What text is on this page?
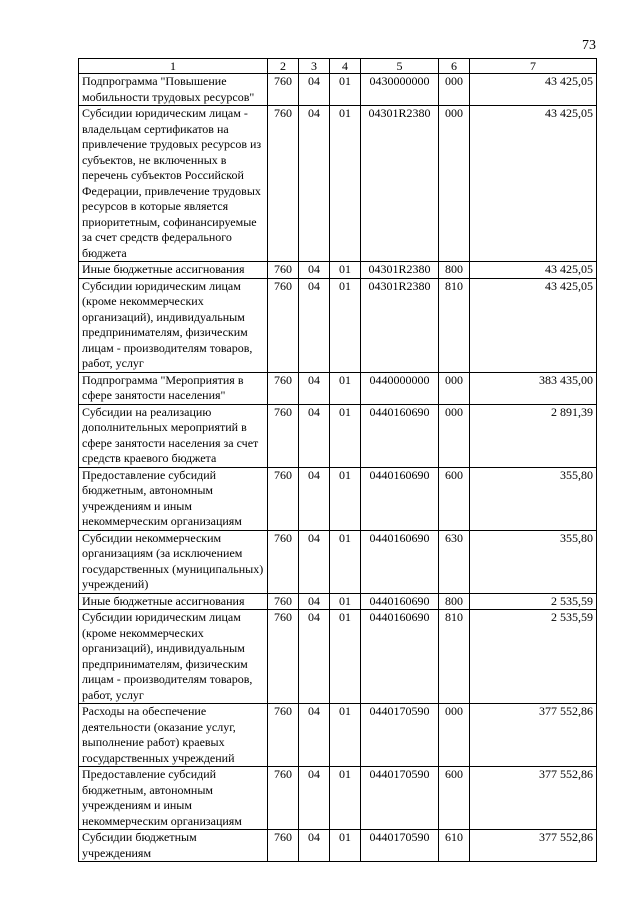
73
1	2	3	4	5	6	7
Подпрограмма "Повышение мобильности трудовых ресурсов"	760	04	01	0430000000	000	43 425,05
Субсидии юридическим лицам - владельцам сертификатов на привлечение трудовых ресурсов из субъектов, не включенных в перечень субъектов Российской Федерации, привлечение трудовых ресурсов в которые является приоритетным, софинансируемые за счет средств федерального бюджета	760	04	01	04301R2380	000	43 425,05
Иные бюджетные ассигнования	760	04	01	04301R2380	800	43 425,05
Субсидии юридическим лицам (кроме некоммерческих организаций), индивидуальным предпринимателям, физическим лицам - производителям товаров, работ, услуг	760	04	01	04301R2380	810	43 425,05
Подпрограмма "Мероприятия в сфере занятости населения"	760	04	01	0440000000	000	383 435,00
Субсидии на реализацию дополнительных мероприятий в сфере занятости населения за счет средств краевого бюджета	760	04	01	0440160690	000	2 891,39
Предоставление субсидий бюджетным, автономным учреждениям и иным некоммерческим организациям	760	04	01	0440160690	600	355,80
Субсидии некоммерческим организациям (за исключением государственных (муниципальных) учреждений)	760	04	01	0440160690	630	355,80
Иные бюджетные ассигнования	760	04	01	0440160690	800	2 535,59
Субсидии юридическим лицам (кроме некоммерческих организаций), индивидуальным предпринимателям, физическим лицам - производителям товаров, работ, услуг	760	04	01	0440160690	810	2 535,59
Расходы на обеспечение деятельности (оказание услуг, выполнение работ) краевых государственных учреждений	760	04	01	0440170590	000	377 552,86
Предоставление субсидий бюджетным, автономным учреждениям и иным некоммерческим организациям	760	04	01	0440170590	600	377 552,86
Субсидии бюджетным учреждениям	760	04	01	0440170590	610	377 552,86
